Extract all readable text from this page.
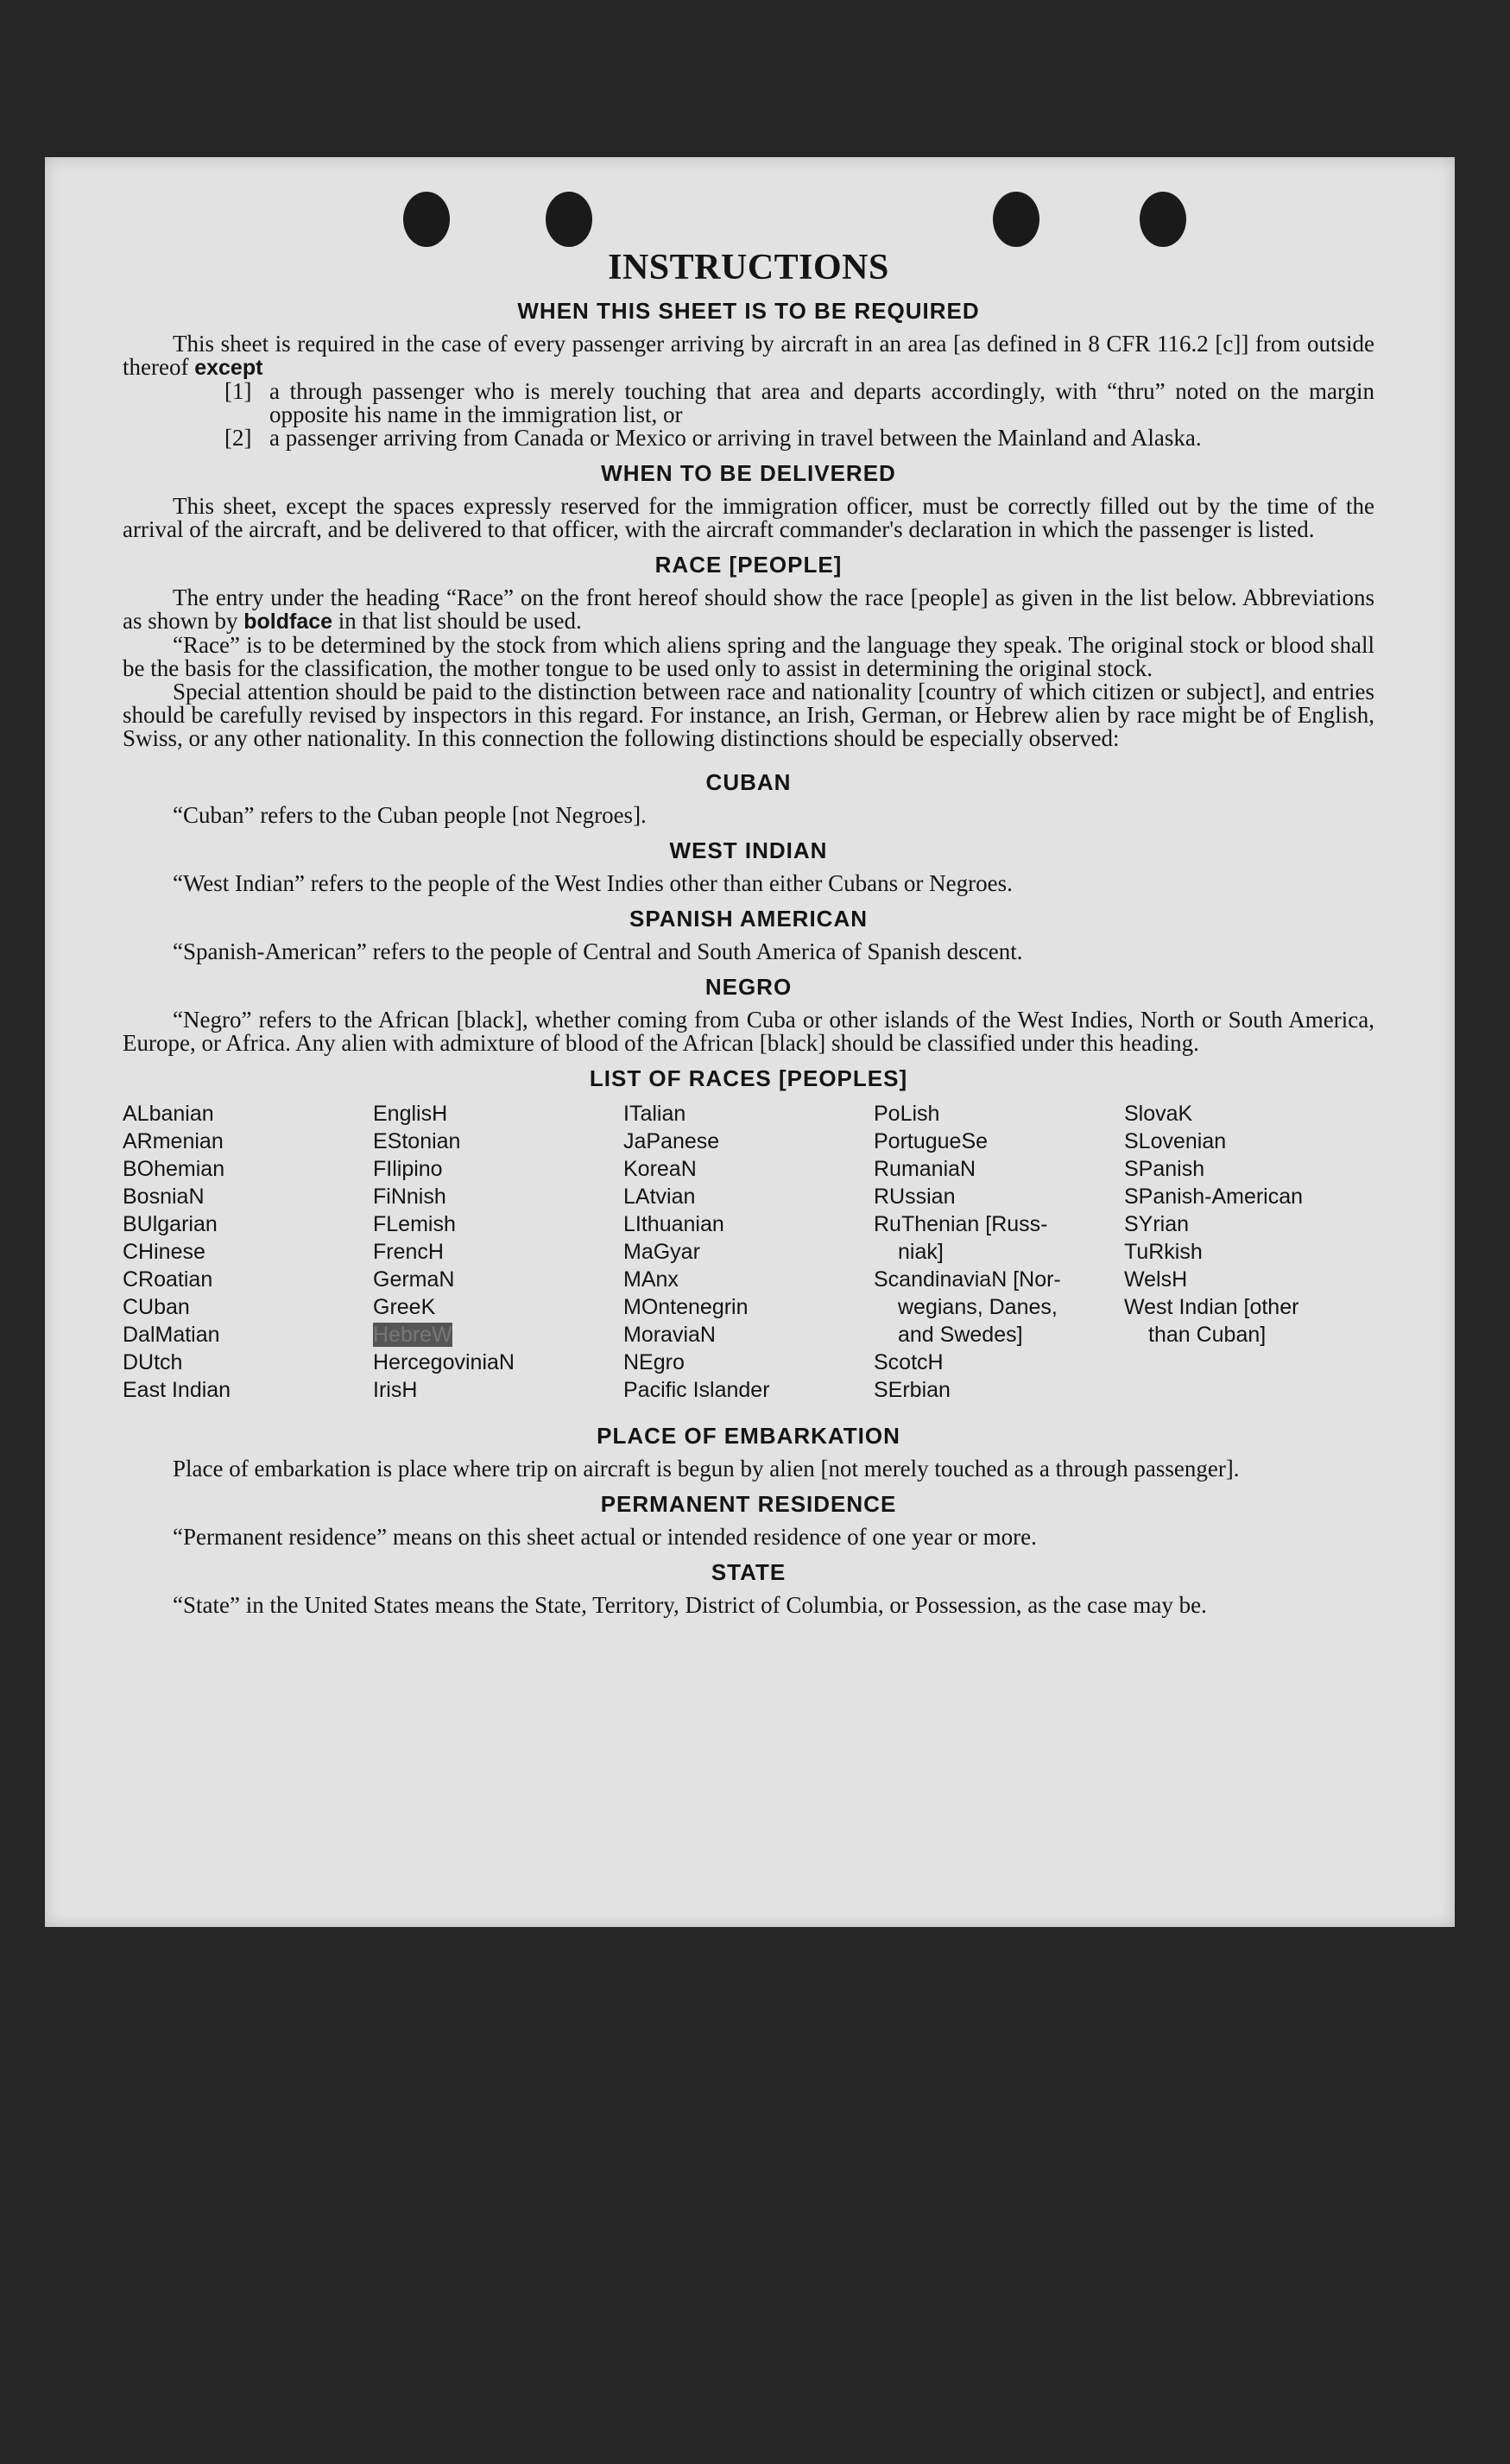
INSTRUCTIONS
WHEN THIS SHEET IS TO BE REQUIRED

This sheet is required in the case of every passenger arriving by aircraft in an area [as defined in 8 CFR 116.2 [c]] from outside thereof except

[1] a through passenger who is merely touching that area and departs accordingly, with “thru” noted on the margin opposite his name in the immigration list, or
[2] a passenger arriving from Canada or Mexico or arriving in travel between the Mainland and Alaska.
WHEN TO BE DELIVERED

This sheet, except the spaces expressly reserved for the immigration officer, must be correctly filled out by the time of the arrival of the aircraft, and be delivered to that officer, with the aircraft commander's declaration in which the passenger is listed.

RACE [PEOPLE]

The entry under the heading “Race” on the front hereof should show the race [people] as given in the list below. Abbreviations as shown by boldface in that list should be used.

“Race” is to be determined by the stock from which aliens spring and the language they speak. The original stock or blood shall be the basis for the classification, the mother tongue to be used only to assist in determining the original stock.

Special attention should be paid to the distinction between race and nationality [country of which citizen or subject], and entries should be carefully revised by inspectors in this regard. For instance, an Irish, German, or Hebrew alien by race might be of English, Swiss, or any other nationality. In this connection the following distinctions should be especially observed:

CUBAN

“Cuban” refers to the Cuban people [not Negroes].

WEST INDIAN

“West Indian” refers to the people of the West Indies other than either Cubans or Negroes.

SPANISH AMERICAN

“Spanish-American” refers to the people of Central and South America of Spanish descent.

NEGRO

“Negro” refers to the African [black], whether coming from Cuba or other islands of the West Indies, North or South America, Europe, or Africa. Any alien with admixture of blood of the African [black] should be classified under this heading.

LIST OF RACES [PEOPLES]
ALbanian
ARmenian
BOhemian
BosniaN
BUlgarian
CHinese
CRoatian
CUban
DalMatian
DUtch
East Indian
EnglisH
EStonian
FIlipino
FiNnish
FLemish
FrencH
GermaN
GreeK
HebreW
HercegoviniaN
IrisH
ITalian
JaPanese
KoreaN
LAtvian
LIthuanian
MaGyar
MAnx
MOntenegrin
MoraviaN
NEgro
Pacific Islander
PoLish
PortugueSe
RumaniaN
RUssian
RuThenian [Russ-
niak]
ScandinaviaN [Nor-
wegians, Danes,
and Swedes]
ScotcH
SErbian
SlovaK
SLovenian
SPanish
SPanish-American
SYrian
TuRkish
WelsH
West Indian [other
than Cuban]
PLACE OF EMBARKATION

Place of embarkation is place where trip on aircraft is begun by alien [not merely touched as a through passenger].

PERMANENT RESIDENCE

“Permanent residence” means on this sheet actual or intended residence of one year or more.

STATE

“State” in the United States means the State, Territory, District of Columbia, or Possession, as the case may be.
